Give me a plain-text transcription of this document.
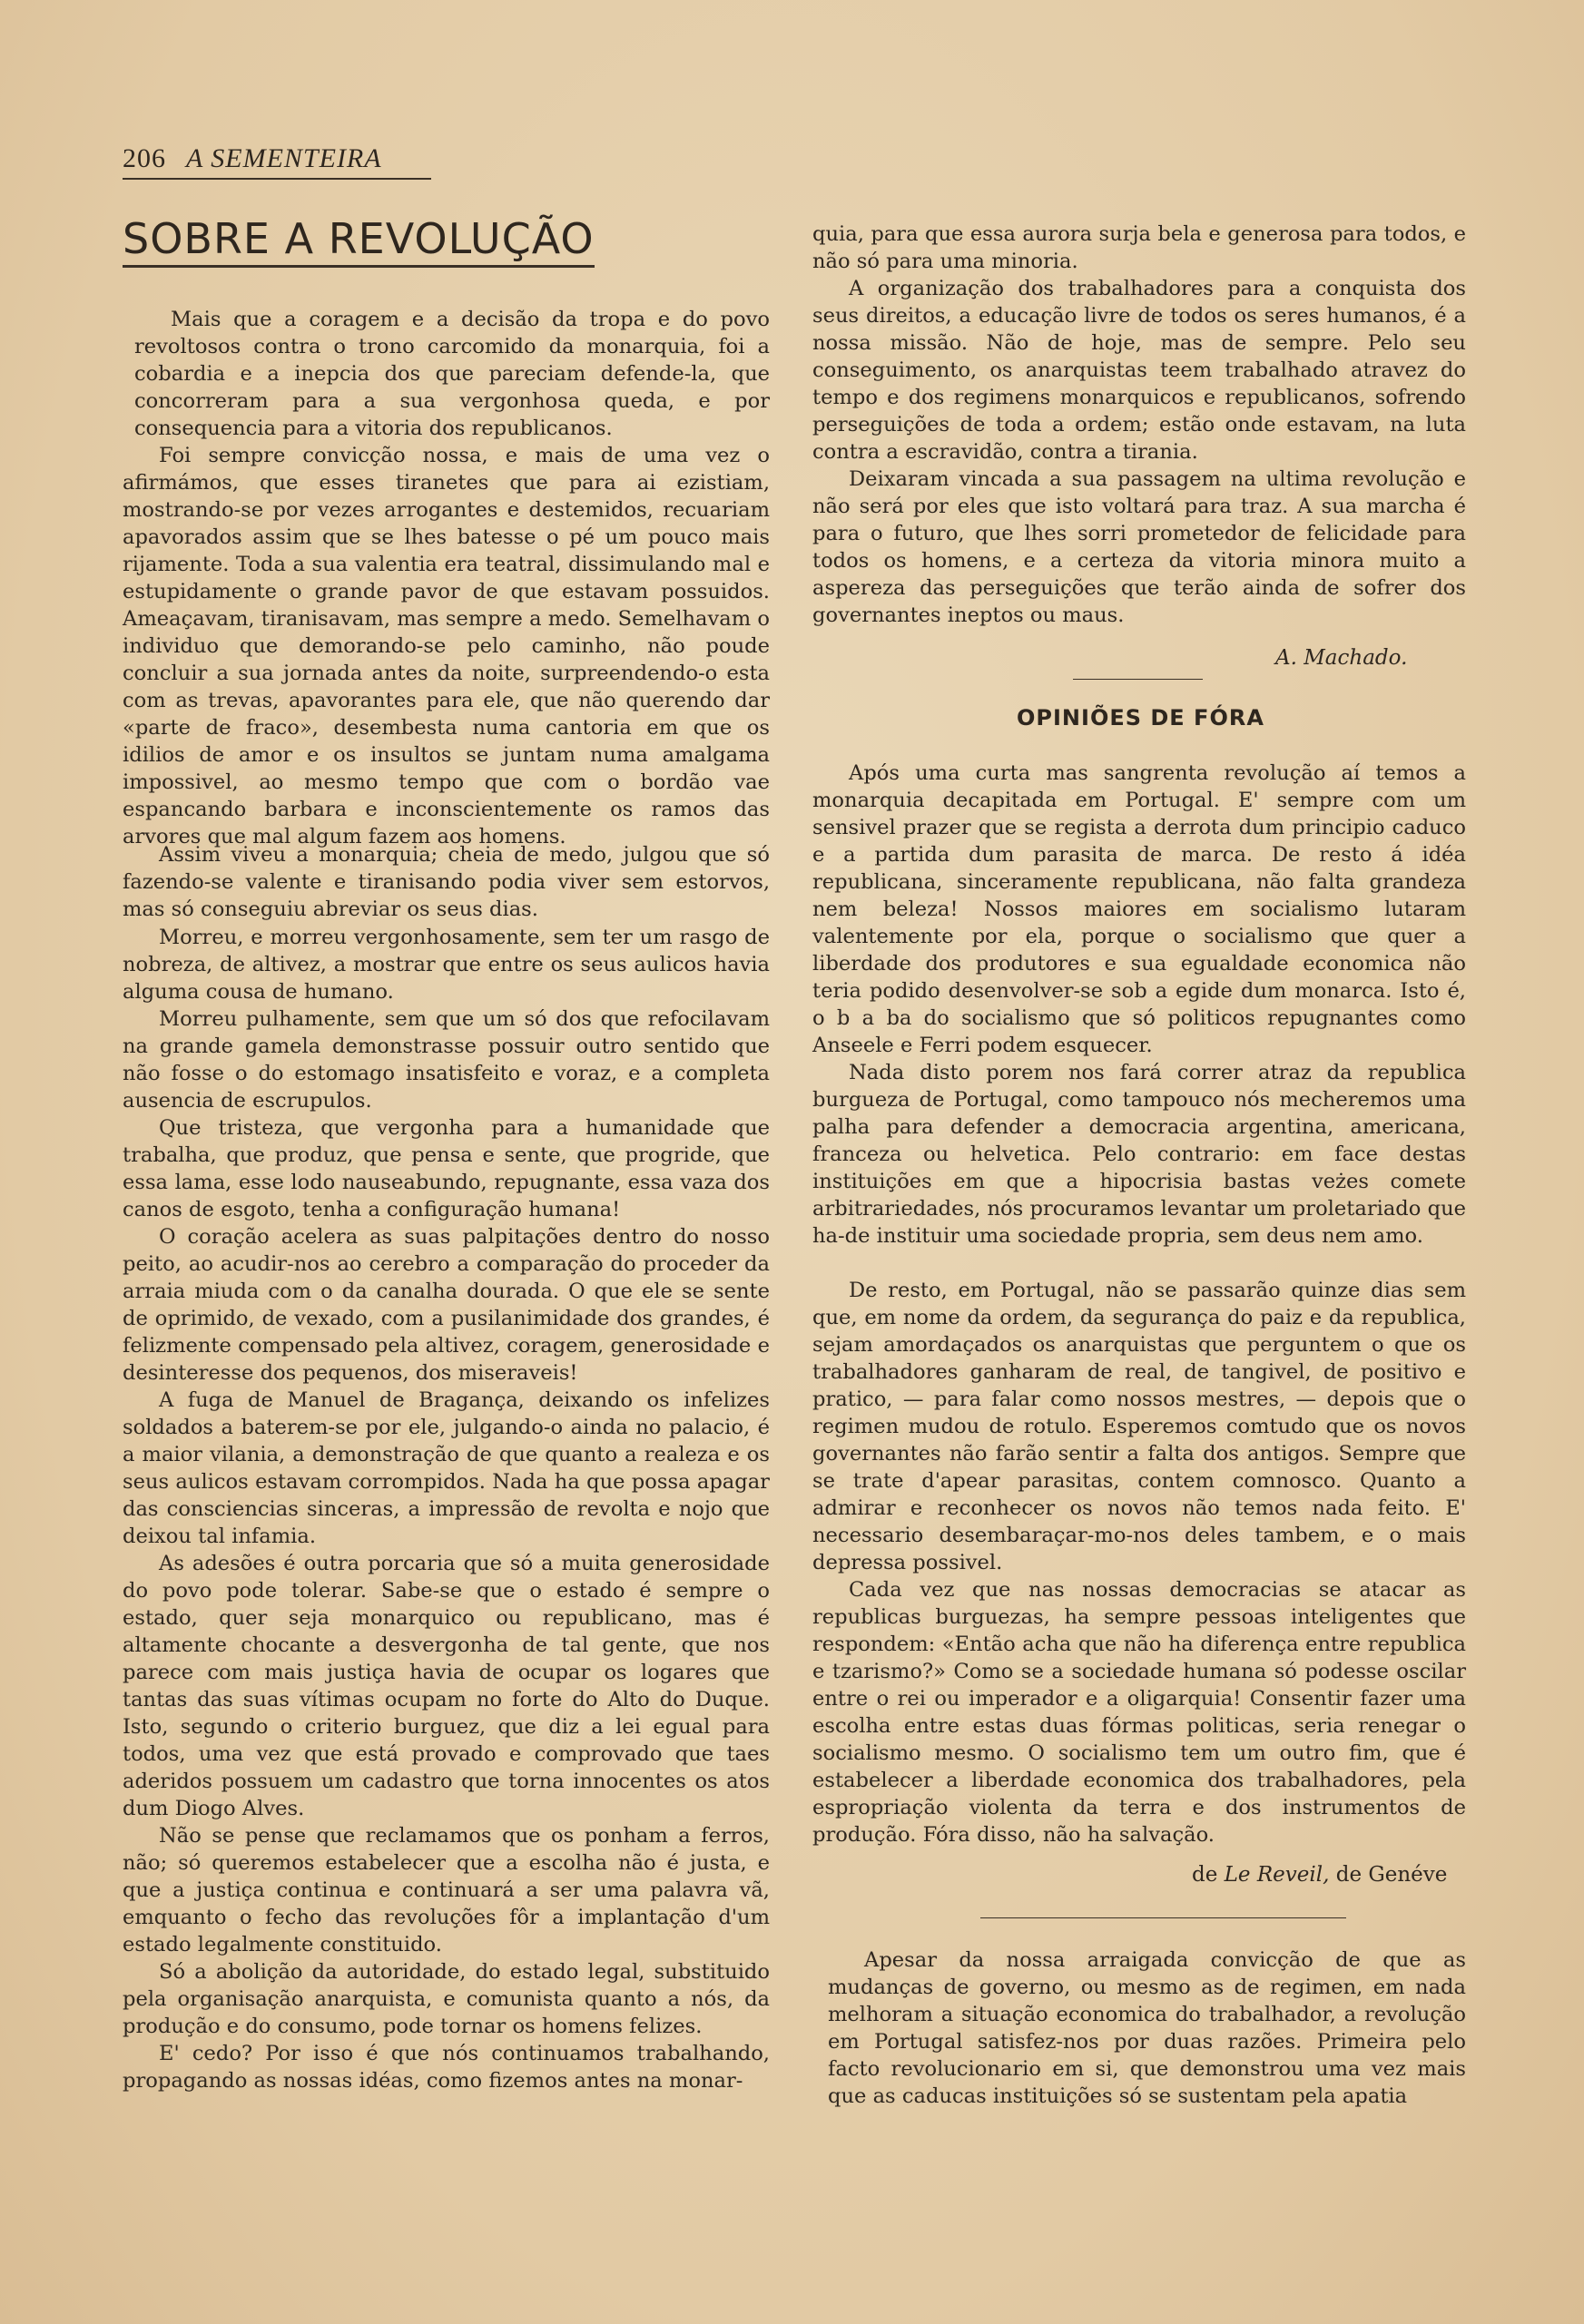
206 A SEMENTEIRA
SOBRE A REVOLUÇÃO

Mais que a coragem e a decisão da tropa e do povo revoltosos contra o trono carcomido da monarquia, foi a cobardia e a inepcia dos que pareciam defende-la, que concorreram para a sua vergonhosa queda, e por consequencia para a vitoria dos republicanos.

Foi sempre convicção nossa, e mais de uma vez o afirmámos, que esses tiranetes que para ai ezistiam, mostrando-se por vezes arrogantes e destemidos, recuariam apavorados assim que se lhes batesse o pé um pouco mais rijamente. Toda a sua valentia era teatral, dissimulando mal e estupidamente o grande pavor de que estavam possuidos. Ameaçavam, tiranisavam, mas sempre a medo. Semelhavam o individuo que demorando-se pelo caminho, não poude concluir a sua jornada antes da noite, surpreendendo-o esta com as trevas, apavorantes para ele, que não querendo dar «parte de fraco», desembesta numa cantoria em que os idilios de amor e os insultos se juntam numa amalgama impossivel, ao mesmo tempo que com o bordão vae espancando barbara e inconscientemente os ramos das arvores que mal algum fazem aos homens.

Assim viveu a monarquia; cheia de medo, julgou que só fazendo-se valente e tiranisando podia viver sem estorvos, mas só conseguiu abreviar os seus dias.

Morreu, e morreu vergonhosamente, sem ter um rasgo de nobreza, de altivez, a mostrar que entre os seus aulicos havia alguma cousa de humano.

Morreu pulhamente, sem que um só dos que refocilavam na grande gamela demonstrasse possuir outro sentido que não fosse o do estomago insatisfeito e voraz, e a completa ausencia de escrupulos.

Que tristeza, que vergonha para a humanidade que trabalha, que produz, que pensa e sente, que progride, que essa lama, esse lodo nauseabundo, repugnante, essa vaza dos canos de esgoto, tenha a configuração humana!

O coração acelera as suas palpitações dentro do nosso peito, ao acudir-nos ao cerebro a comparação do proceder da arraia miuda com o da canalha dourada. O que ele se sente de oprimido, de vexado, com a pusilanimidade dos grandes, é felizmente compensado pela altivez, coragem, generosidade e desinteresse dos pequenos, dos miseraveis!

A fuga de Manuel de Bragança, deixando os infelizes soldados a baterem-se por ele, julgando-o ainda no palacio, é a maior vilania, a demonstração de que quanto a realeza e os seus aulicos estavam corrompidos. Nada ha que possa apagar das consciencias sinceras, a impressão de revolta e nojo que deixou tal infamia.

As adesões é outra porcaria que só a muita generosidade do povo pode tolerar. Sabe-se que o estado é sempre o estado, quer seja monarquico ou republicano, mas é altamente chocante a desvergonha de tal gente, que nos parece com mais justiça havia de ocupar os logares que tantas das suas vítimas ocupam no forte do Alto do Duque. Isto, segundo o criterio burguez, que diz a lei egual para todos, uma vez que está provado e comprovado que taes aderidos possuem um cadastro que torna innocentes os atos dum Diogo Alves.

Não se pense que reclamamos que os ponham a ferros, não; só queremos estabelecer que a escolha não é justa, e que a justiça continua e continuará a ser uma palavra vã, emquanto o fecho das revoluções fôr a implantação d'um estado legalmente constituido.

Só a abolição da autoridade, do estado legal, substituido pela organisação anarquista, e comunista quanto a nós, da produção e do consumo, pode tornar os homens felizes.

E' cedo? Por isso é que nós continuamos trabalhando, propagando as nossas idéas, como fizemos antes na monar-

quia, para que essa aurora surja bela e generosa para todos, e não só para uma minoria.

A organização dos trabalhadores para a conquista dos seus direitos, a educação livre de todos os seres humanos, é a nossa missão. Não de hoje, mas de sempre. Pelo seu conseguimento, os anarquistas teem trabalhado atravez do tempo e dos regimens monarquicos e republicanos, sofrendo perseguições de toda a ordem; estão onde estavam, na luta contra a escravidão, contra a tirania.

Deixaram vincada a sua passagem na ultima revolução e não será por eles que isto voltará para traz. A sua marcha é para o futuro, que lhes sorri prometedor de felicidade para todos os homens, e a certeza da vitoria minora muito a aspereza das perseguições que terão ainda de sofrer dos governantes ineptos ou maus.

A. Machado.
OPINIÕES DE FÓRA

Após uma curta mas sangrenta revolução aí temos a monarquia decapitada em Portugal. E' sempre com um sensivel prazer que se regista a derrota dum principio caduco e a partida dum parasita de marca. De resto á idéa republicana, sinceramente republicana, não falta grandeza nem beleza! Nossos maiores em socialismo lutaram valentemente por ela, porque o socialismo que quer a liberdade dos produtores e sua egualdade economica não teria podido desenvolver-se sob a egide dum monarca. Isto é, o b a ba do socialismo que só politicos repugnantes como Anseele e Ferri podem esquecer.

Nada disto porem nos fará correr atraz da republica burgueza de Portugal, como tampouco nós mecheremos uma palha para defender a democracia argentina, americana, franceza ou helvetica. Pelo contrario: em face destas instituições em que a hipocrisia bastas veżes comete arbitrariedades, nós procuramos levantar um proletariado que ha-de instituir uma sociedade propria, sem deus nem amo.

De resto, em Portugal, não se passarão quinze dias sem que, em nome da ordem, da segurança do paiz e da republica, sejam amordaçados os anarquistas que perguntem o que os trabalhadores ganharam de real, de tangivel, de positivo e pratico, — para falar como nossos mestres, — depois que o regimen mudou de rotulo. Esperemos comtudo que os novos governantes não farão sentir a falta dos antigos. Sempre que se trate d'apear parasitas, contem comnosco. Quanto a admirar e reconhecer os novos não temos nada feito. E' necessario desembaraçar-mo-nos deles tambem, e o mais depressa possivel.

Cada vez que nas nossas democracias se atacar as republicas burguezas, ha sempre pessoas inteligentes que respondem: «Então acha que não ha diferença entre republica e tzarismo?» Como se a sociedade humana só podesse oscilar entre o rei ou imperador e a oligarquia! Consentir fazer uma escolha entre estas duas fórmas politicas, seria renegar o socialismo mesmo. O socialismo tem um outro fim, que é estabelecer a liberdade economica dos trabalhadores, pela espropriação violenta da terra e dos instrumentos de produção. Fóra disso, não ha salvação.

de Le Reveil, de Genéve

Apesar da nossa arraigada convicção de que as mudanças de governo, ou mesmo as de regimen, em nada melhoram a situação economica do trabalhador, a revolução em Portugal satisfez-nos por duas razões. Primeira pelo facto revolucionario em si, que demonstrou uma vez mais que as caducas instituições só se sustentam pela apatia
